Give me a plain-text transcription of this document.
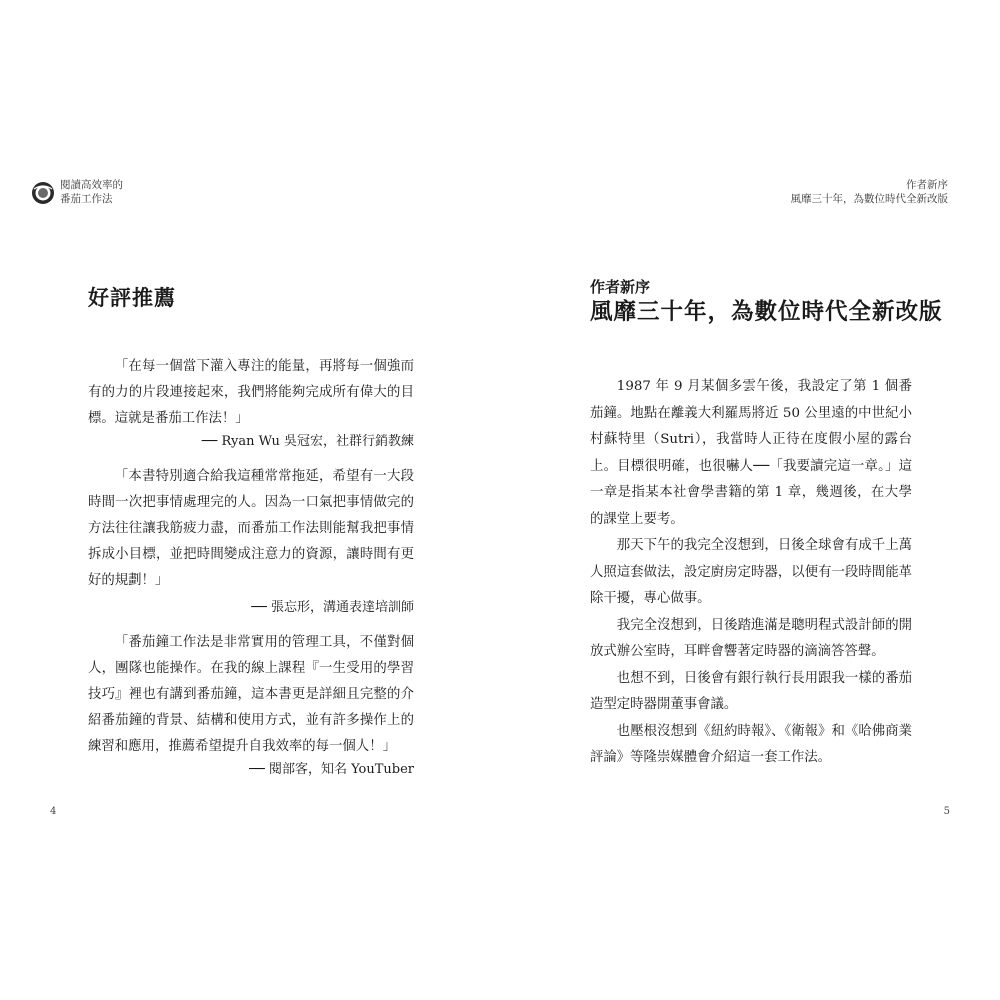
閱讀高效率的
番茄工作法
作者新序
風靡三十年，為數位時代全新改版
好評推薦

「在每一個當下灌入專注的能量，再將每一個強而有的力的片段連接起來，我們將能夠完成所有偉大的目標。這就是番茄工作法！」

── Ryan Wu 吳冠宏，社群行銷教練

「本書特別適合給我這種常常拖延，希望有一大段時間一次把事情處理完的人。因為一口氣把事情做完的方法往往讓我筋疲力盡，而番茄工作法則能幫我把事情拆成小目標，並把時間變成注意力的資源，讓時間有更好的規劃！」

── 張忘形，溝通表達培訓師

「番茄鐘工作法是非常實用的管理工具，不僅對個人，團隊也能操作。在我的線上課程『一生受用的學習技巧』裡也有講到番茄鐘，這本書更是詳細且完整的介紹番茄鐘的背景、結構和使用方式，並有許多操作上的練習和應用，推薦希望提升自我效率的每一個人！」

── 閱部客，知名 YouTuber
4
作者新序
風靡三十年，為數位時代全新改版

1987 年 9 月某個多雲午後，我設定了第 1 個番茄鐘。地點在離義大利羅馬將近 50 公里遠的中世紀小村蘇特里（Sutri），我當時人正待在度假小屋的露台上。目標很明確，也很嚇人──「我要讀完這一章。」這一章是指某本社會學書籍的第 1 章，幾週後，在大學的課堂上要考。

那天下午的我完全沒想到，日後全球會有成千上萬人照這套做法，設定廚房定時器，以便有一段時間能革除干擾，專心做事。

我完全沒想到，日後踏進滿是聰明程式設計師的開放式辦公室時，耳畔會響著定時器的滴滴答答聲。

也想不到，日後會有銀行執行長用跟我一樣的番茄造型定時器開董事會議。

也壓根沒想到《紐約時報》、《衛報》和《哈佛商業評論》等隆崇媒體會介紹這一套工作法。

5
